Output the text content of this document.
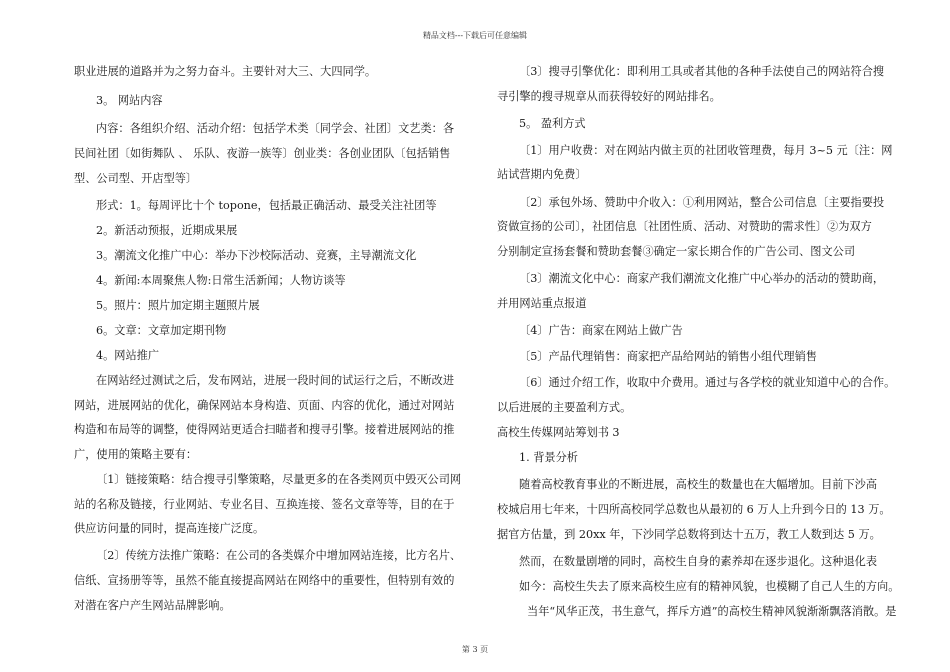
精品文档---下载后可任意编辑
职业进展的道路并为之努力奋斗。主要针对大三、大四同学。
3。 网站内容
内容：各组织介绍、活动介绍：包括学术类〔同学会、社团〕文艺类：各
民间社团〔如街舞队 、 乐队、夜游一族等〕创业类：各创业团队〔包括销售
型、公司型、开店型等〕
形式：1。每周评比十个 topone，包括最正确活动、最受关注社团等
2。新活动预报，近期成果展
3。潮流文化推广中心：举办下沙校际活动、竞赛，主导潮流文化
4。新闻:本周聚焦人物:日常生活新闻；人物访谈等
5。照片：照片加定期主题照片展
6。文章：文章加定期刊物
4。网站推广
在网站经过测试之后，发布网站，进展一段时间的试运行之后，不断改进
网站，进展网站的优化，确保网站本身构造、页面、内容的优化，通过对网站
构造和布局等的调整，使得网站更适合扫瞄者和搜寻引擎。接着进展网站的推
广，使用的策略主要有：
〔1〕链接策略：结合搜寻引擎策略，尽量更多的在各类网页中毁灭公司网
站的名称及链接，行业网站、专业名目、互换连接、签名文章等等，目的在于
供应访问量的同时，提高连接广泛度。
〔2〕传统方法推广策略：在公司的各类媒介中增加网站连接，比方名片、
信纸、宣扬册等等，虽然不能直接提高网站在网络中的重要性，但特别有效的
对潜在客户产生网站品牌影响。
〔3〕搜寻引擎优化：即利用工具或者其他的各种手法使自己的网站符合搜
寻引擎的搜寻规章从而获得较好的网站排名。
5。 盈利方式
〔1〕用户收费：对在网站内做主页的社团收管理费，每月 3~5 元〔注：网
站试营期内免费〕
〔2〕承包外场、赞助中介收入：①利用网站，整合公司信息〔主要指要投
资做宣扬的公司〕，社团信息〔社团性质、活动、对赞助的需求性〕②为双方
分别制定宣扬套餐和赞助套餐③确定一家长期合作的广告公司、图文公司
〔3〕潮流文化中心：商家产我们潮流文化推广中心举办的活动的赞助商，
并用网站重点报道
〔4〕广告：商家在网站上做广告
〔5〕产品代理销售：商家把产品给网站的销售小组代理销售
〔6〕通过介绍工作，收取中介费用。通过与各学校的就业知道中心的合作。
以后进展的主要盈利方式。
高校生传媒网站筹划书 3
1. 背景分析
随着高校教育事业的不断进展，高校生的数量也在大幅增加。目前下沙高
校城启用七年来，十四所高校同学总数也从最初的 6 万人上升到今日的 13 万。
据官方估量，到 20xx 年，下沙同学总数将到达十五万，教工人数到达 5 万。
然而，在数量剧增的同时，高校生自身的素养却在逐步退化。这种退化表
如今：高校生失去了原来高校生应有的精神风貌，也模糊了自己人生的方向。
当年“风华正茂，书生意气，挥斥方遒”的高校生精神风貌渐渐飘落消散。是
第 3 页
